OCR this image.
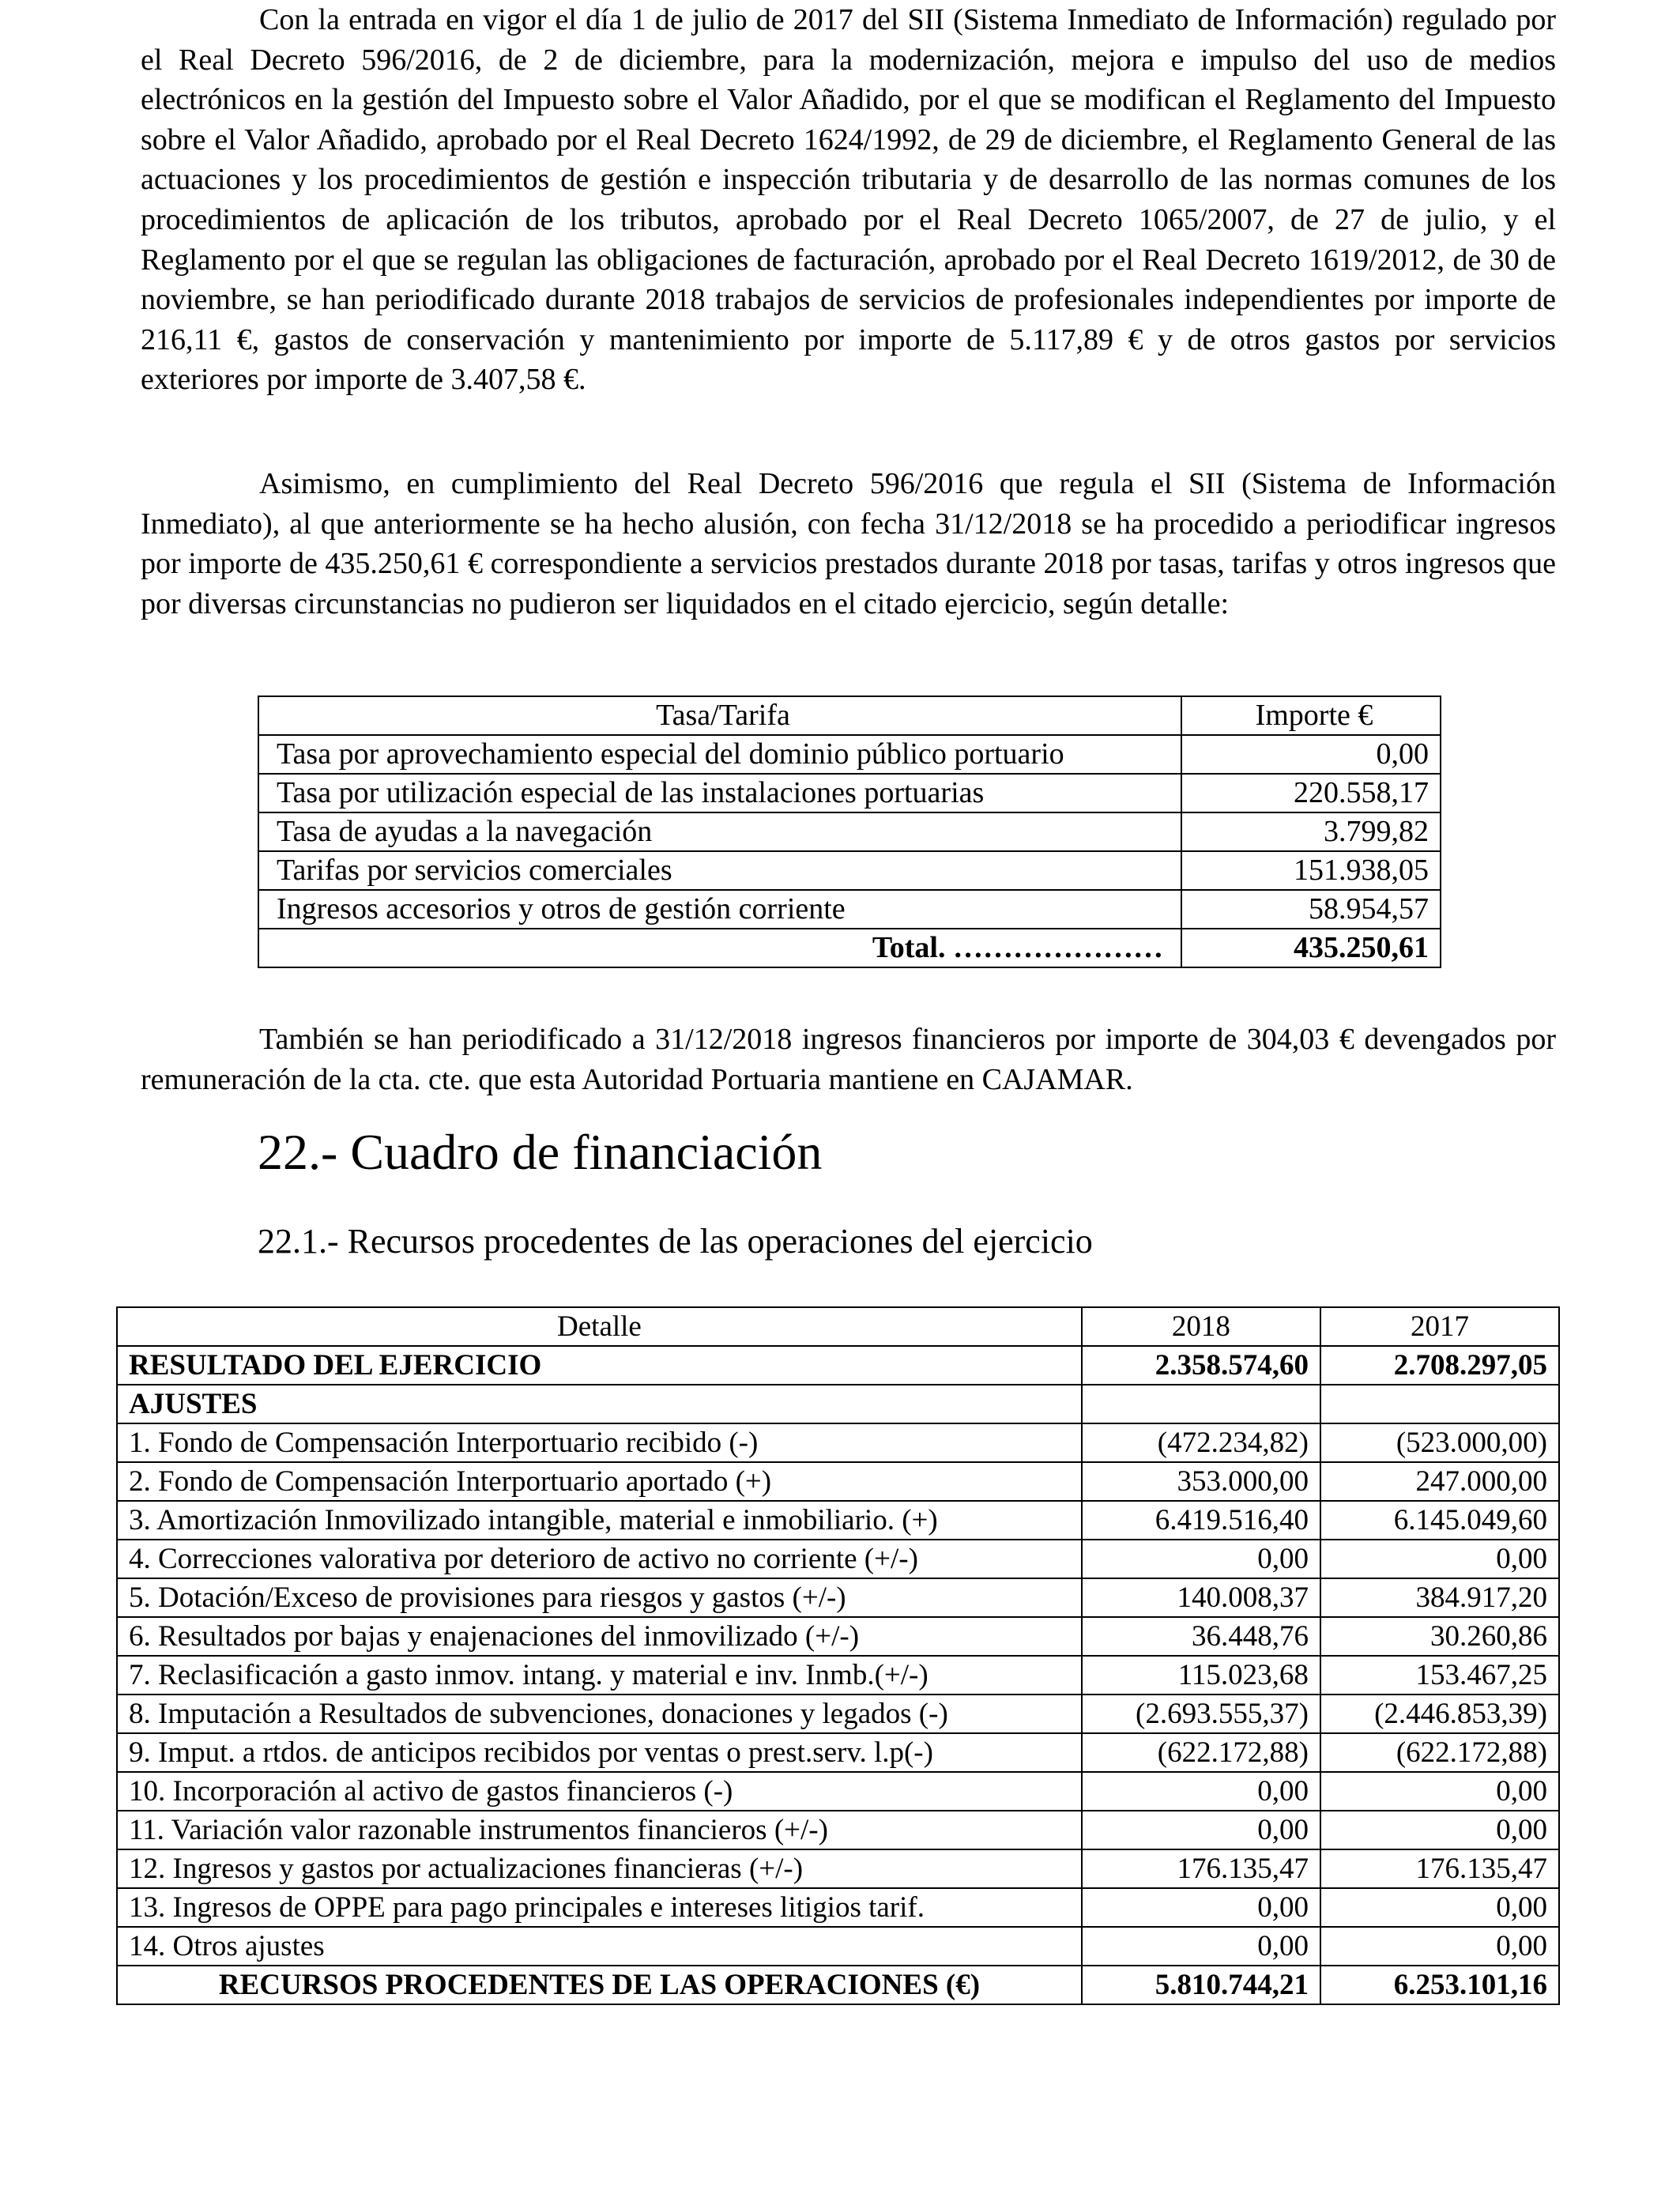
Con la entrada en vigor el día 1 de julio de 2017 del SII (Sistema Inmediato de Información) regulado por el Real Decreto 596/2016, de 2 de diciembre, para la modernización, mejora e impulso del uso de medios electrónicos en la gestión del Impuesto sobre el Valor Añadido, por el que se modifican el Reglamento del Impuesto sobre el Valor Añadido, aprobado por el Real Decreto 1624/1992, de 29 de diciembre, el Reglamento General de las actuaciones y los procedimientos de gestión e inspección tributaria y de desarrollo de las normas comunes de los procedimientos de aplicación de los tributos, aprobado por el Real Decreto 1065/2007, de 27 de julio, y el Reglamento por el que se regulan las obligaciones de facturación, aprobado por el Real Decreto 1619/2012, de 30 de noviembre, se han periodificado durante 2018 trabajos de servicios de profesionales independientes por importe de 216,11 €, gastos de conservación y mantenimiento por importe de 5.117,89 € y de otros gastos por servicios exteriores por importe de 3.407,58 €.

Asimismo, en cumplimiento del Real Decreto 596/2016 que regula el SII (Sistema de Información Inmediato), al que anteriormente se ha hecho alusión, con fecha 31/12/2018 se ha procedido a periodificar ingresos por importe de 435.250,61 € correspondiente a servicios prestados durante 2018 por tasas, tarifas y otros ingresos que por diversas circunstancias no pudieron ser liquidados en el citado ejercicio, según detalle:

Tasa/Tarifa	Importe €
Tasa por aprovechamiento especial del dominio público portuario	0,00
Tasa por utilización especial de las instalaciones portuarias	220.558,17
Tasa de ayudas a la navegación	3.799,82
Tarifas por servicios comerciales	151.938,05
Ingresos accesorios y otros de gestión corriente	58.954,57
Total. …………………	435.250,61

También se han periodificado a 31/12/2018 ingresos financieros por importe de 304,03 € devengados por remuneración de la cta. cte. que esta Autoridad Portuaria mantiene en CAJAMAR.

22.- Cuadro de financiación
22.1.- Recursos procedentes de las operaciones del ejercicio
Detalle	2018	2017
RESULTADO DEL EJERCICIO	2.358.574,60	2.708.297,05
AJUSTES		
1. Fondo de Compensación Interportuario recibido (-)	(472.234,82)	(523.000,00)
2. Fondo de Compensación Interportuario aportado (+)	353.000,00	247.000,00
3. Amortización Inmovilizado intangible, material e inmobiliario. (+)	6.419.516,40	6.145.049,60
4. Correcciones valorativa por deterioro de activo no corriente (+/-)	0,00	0,00
5. Dotación/Exceso de provisiones para riesgos y gastos (+/-)	140.008,37	384.917,20
6. Resultados por bajas y enajenaciones del inmovilizado (+/-)	36.448,76	30.260,86
7. Reclasificación a gasto inmov. intang. y material e inv. Inmb.(+/-)	115.023,68	153.467,25
8. Imputación a Resultados de subvenciones, donaciones y legados (-)	(2.693.555,37)	(2.446.853,39)
9. Imput. a rtdos. de anticipos recibidos por ventas o prest.serv. l.p(-)	(622.172,88)	(622.172,88)
10. Incorporación al activo de gastos financieros (-)	0,00	0,00
11. Variación valor razonable instrumentos financieros (+/-)	0,00	0,00
12. Ingresos y gastos por actualizaciones financieras (+/-)	176.135,47	176.135,47
13. Ingresos de OPPE para pago principales e intereses litigios tarif.	0,00	0,00
14. Otros ajustes	0,00	0,00
RECURSOS PROCEDENTES DE LAS OPERACIONES (€)	5.810.744,21	6.253.101,16
